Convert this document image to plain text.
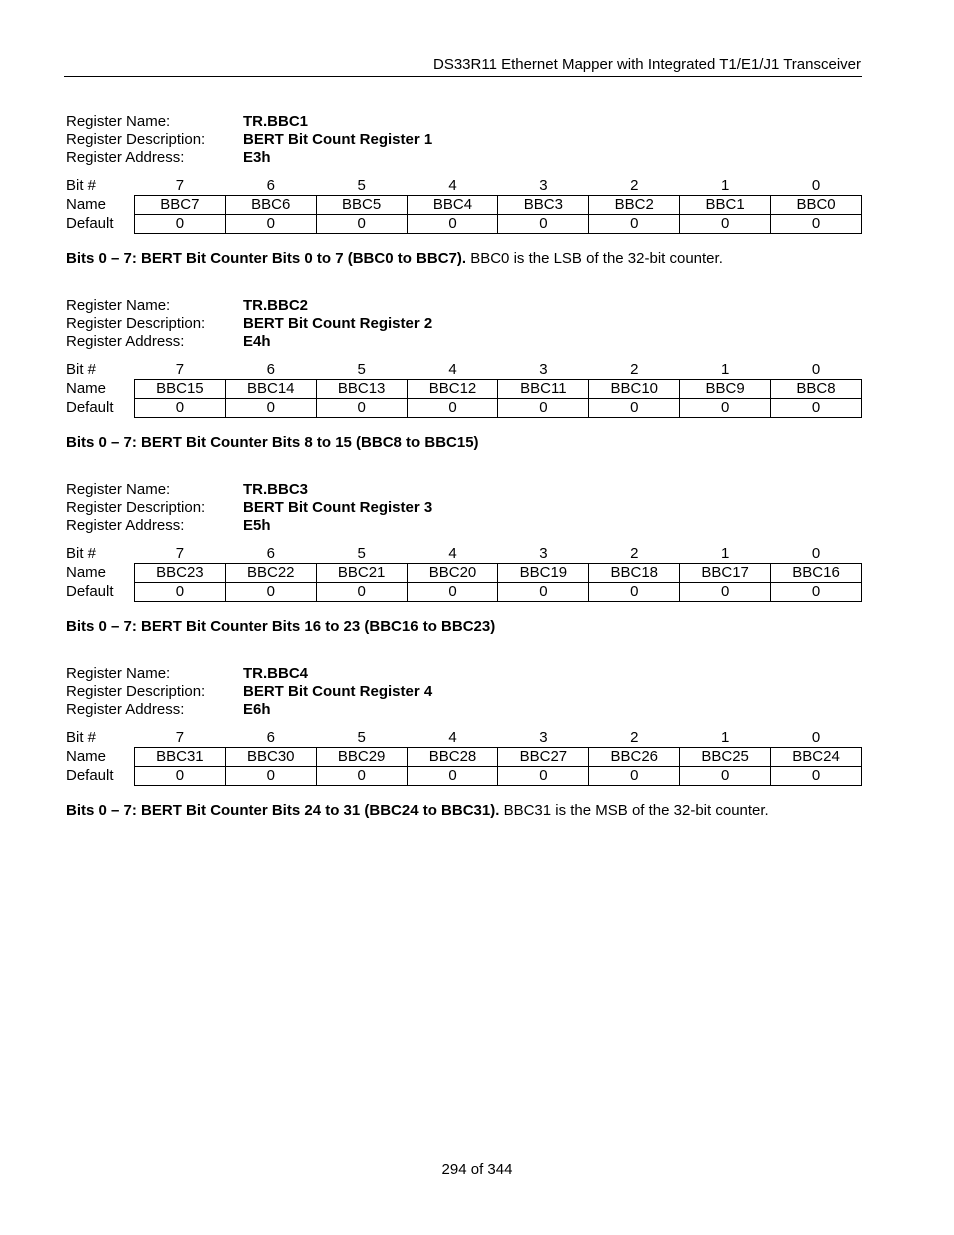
DS33R11 Ethernet Mapper with Integrated T1/E1/J1 Transceiver
Register Name:	TR.BBC1
Register Description:	BERT Bit Count Register 1
Register Address:	E3h
Bit #	7	6	5	4	3	2	1	0
Name	BBC7	BBC6	BBC5	BBC4	BBC3	BBC2	BBC1	BBC0
Default	0	0	0	0	0	0	0	0
Bits 0 – 7: BERT Bit Counter Bits 0 to 7 (BBC0 to BBC7). BBC0 is the LSB of the 32-bit counter.
Register Name:	TR.BBC2
Register Description:	BERT Bit Count Register 2
Register Address:	E4h
Bit #	7	6	5	4	3	2	1	0
Name	BBC15	BBC14	BBC13	BBC12	BBC11	BBC10	BBC9	BBC8
Default	0	0	0	0	0	0	0	0
Bits 0 – 7: BERT Bit Counter Bits 8 to 15 (BBC8 to BBC15)
Register Name:	TR.BBC3
Register Description:	BERT Bit Count Register 3
Register Address:	E5h
Bit #	7	6	5	4	3	2	1	0
Name	BBC23	BBC22	BBC21	BBC20	BBC19	BBC18	BBC17	BBC16
Default	0	0	0	0	0	0	0	0
Bits 0 – 7: BERT Bit Counter Bits 16 to 23 (BBC16 to BBC23)
Register Name:	TR.BBC4
Register Description:	BERT Bit Count Register 4
Register Address:	E6h
Bit #	7	6	5	4	3	2	1	0
Name	BBC31	BBC30	BBC29	BBC28	BBC27	BBC26	BBC25	BBC24
Default	0	0	0	0	0	0	0	0
Bits 0 – 7: BERT Bit Counter Bits 24 to 31 (BBC24 to BBC31). BBC31 is the MSB of the 32-bit counter.
294 of 344
